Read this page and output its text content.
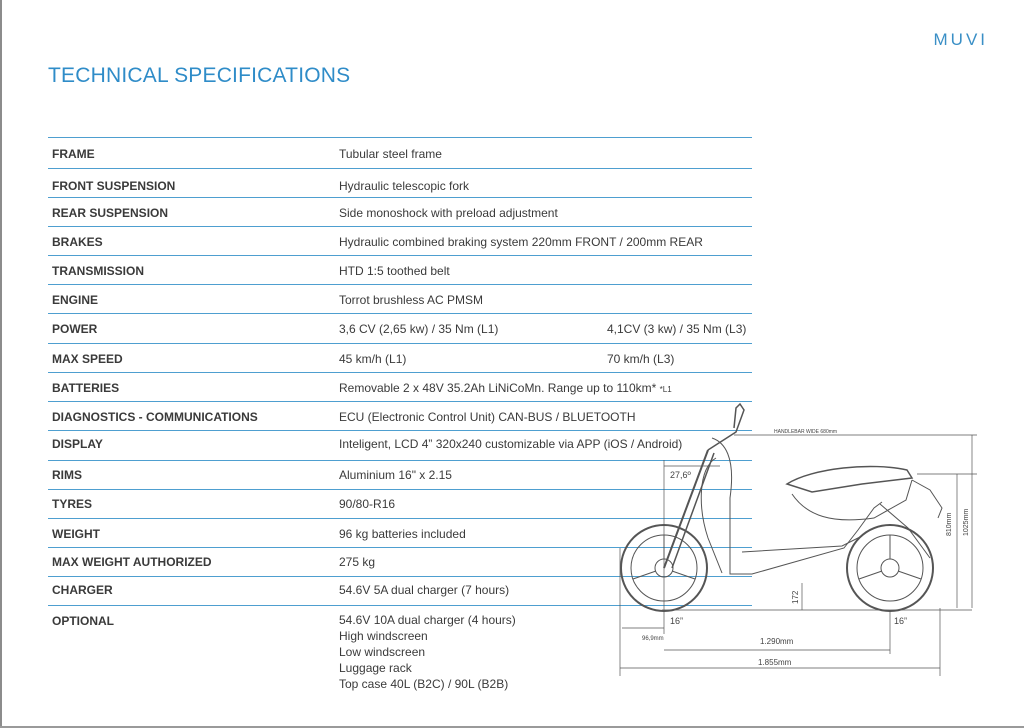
MUVI
TECHNICAL SPECIFICATIONS
FRAME	Tubular steel frame
FRONT SUSPENSION	Hydraulic telescopic fork
REAR SUSPENSION	Side monoshock with preload adjustment
BRAKES	Hydraulic combined braking system 220mm FRONT / 200mm REAR
TRANSMISSION	HTD 1:5 toothed belt
ENGINE	Torrot brushless AC PMSM
POWER	3,6 CV (2,65 kw) / 35 Nm (L1)	4,1CV (3 kw) / 35 Nm (L3)
MAX SPEED	45 km/h (L1)	70 km/h (L3)
BATTERIES	Removable 2 x 48V 35.2Ah LiNiCoMn. Range up to 110km* *L1
DIAGNOSTICS - COMMUNICATIONS	ECU (Electronic Control Unit) CAN-BUS / BLUETOOTH
DISPLAY	Inteligent, LCD 4” 320x240 customizable via APP (iOS / Android)
RIMS	Aluminium 16" x 2.15
TYRES	90/80-R16
WEIGHT	96 kg batteries included
MAX WEIGHT AUTHORIZED	275 kg
CHARGER	54.6V 5A dual charger (7 hours)
OPTIONAL	54.6V 10A dual charger (4 hours)
High windscreen
Low windscreen
Luggage rack
Top case 40L (B2C) / 90L (B2B)
HANDLEBAR WIDE 680mm
27,6º
810mm 1025mm
172
16”	16”
96,9mm	1.290mm
1.855mm
